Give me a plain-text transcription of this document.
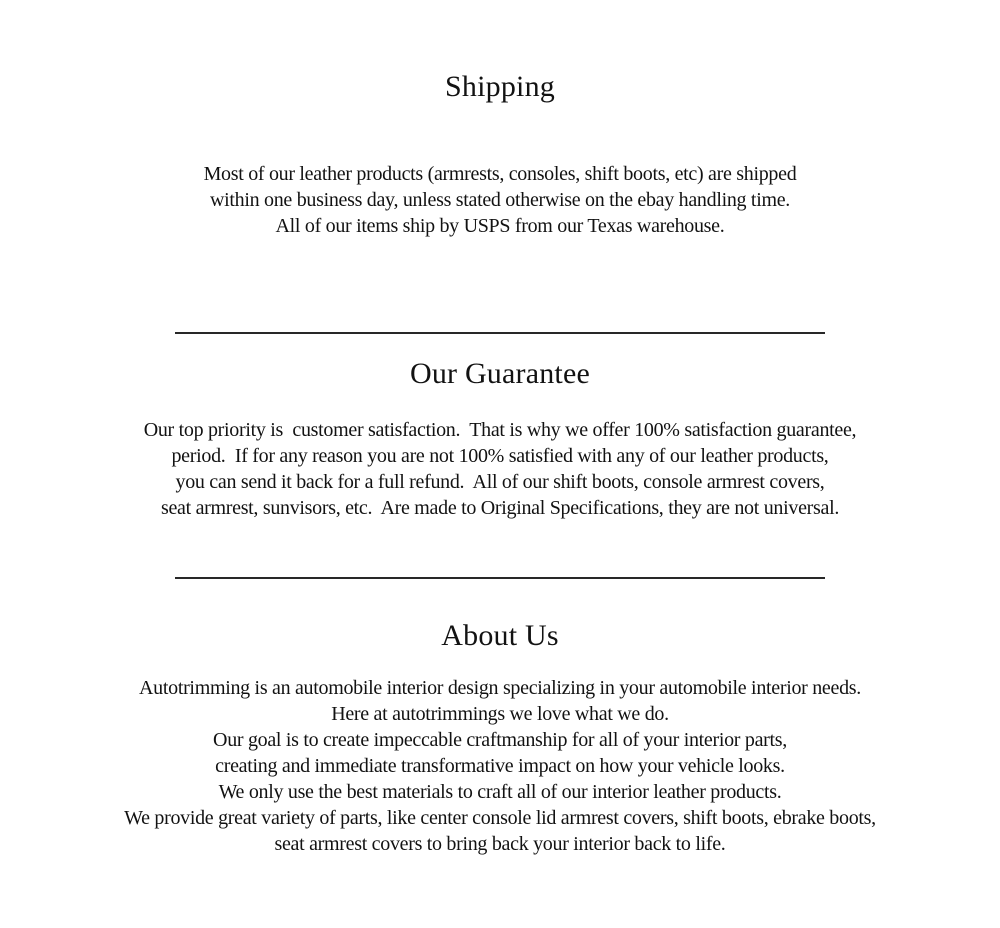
Shipping

Most of our leather products (armrests, consoles, shift boots, etc) are shipped
within one business day, unless stated otherwise on the ebay handling time.
All of our items ship by USPS from our Texas warehouse.

Our Guarantee

Our top priority is  customer satisfaction.  That is why we offer 100% satisfaction guarantee,
period.  If for any reason you are not 100% satisfied with any of our leather products,
you can send it back for a full refund.  All of our shift boots, console armrest covers,
seat armrest, sunvisors, etc.  Are made to Original Specifications, they are not universal.

About Us

Autotrimming is an automobile interior design specializing in your automobile interior needs.
Here at autotrimmings we love what we do.
Our goal is to create impeccable craftmanship for all of your interior parts,
creating and immediate transformative impact on how your vehicle looks.
We only use the best materials to craft all of our interior leather products.
We provide great variety of parts, like center console lid armrest covers, shift boots, ebrake boots,
seat armrest covers to bring back your interior back to life.
